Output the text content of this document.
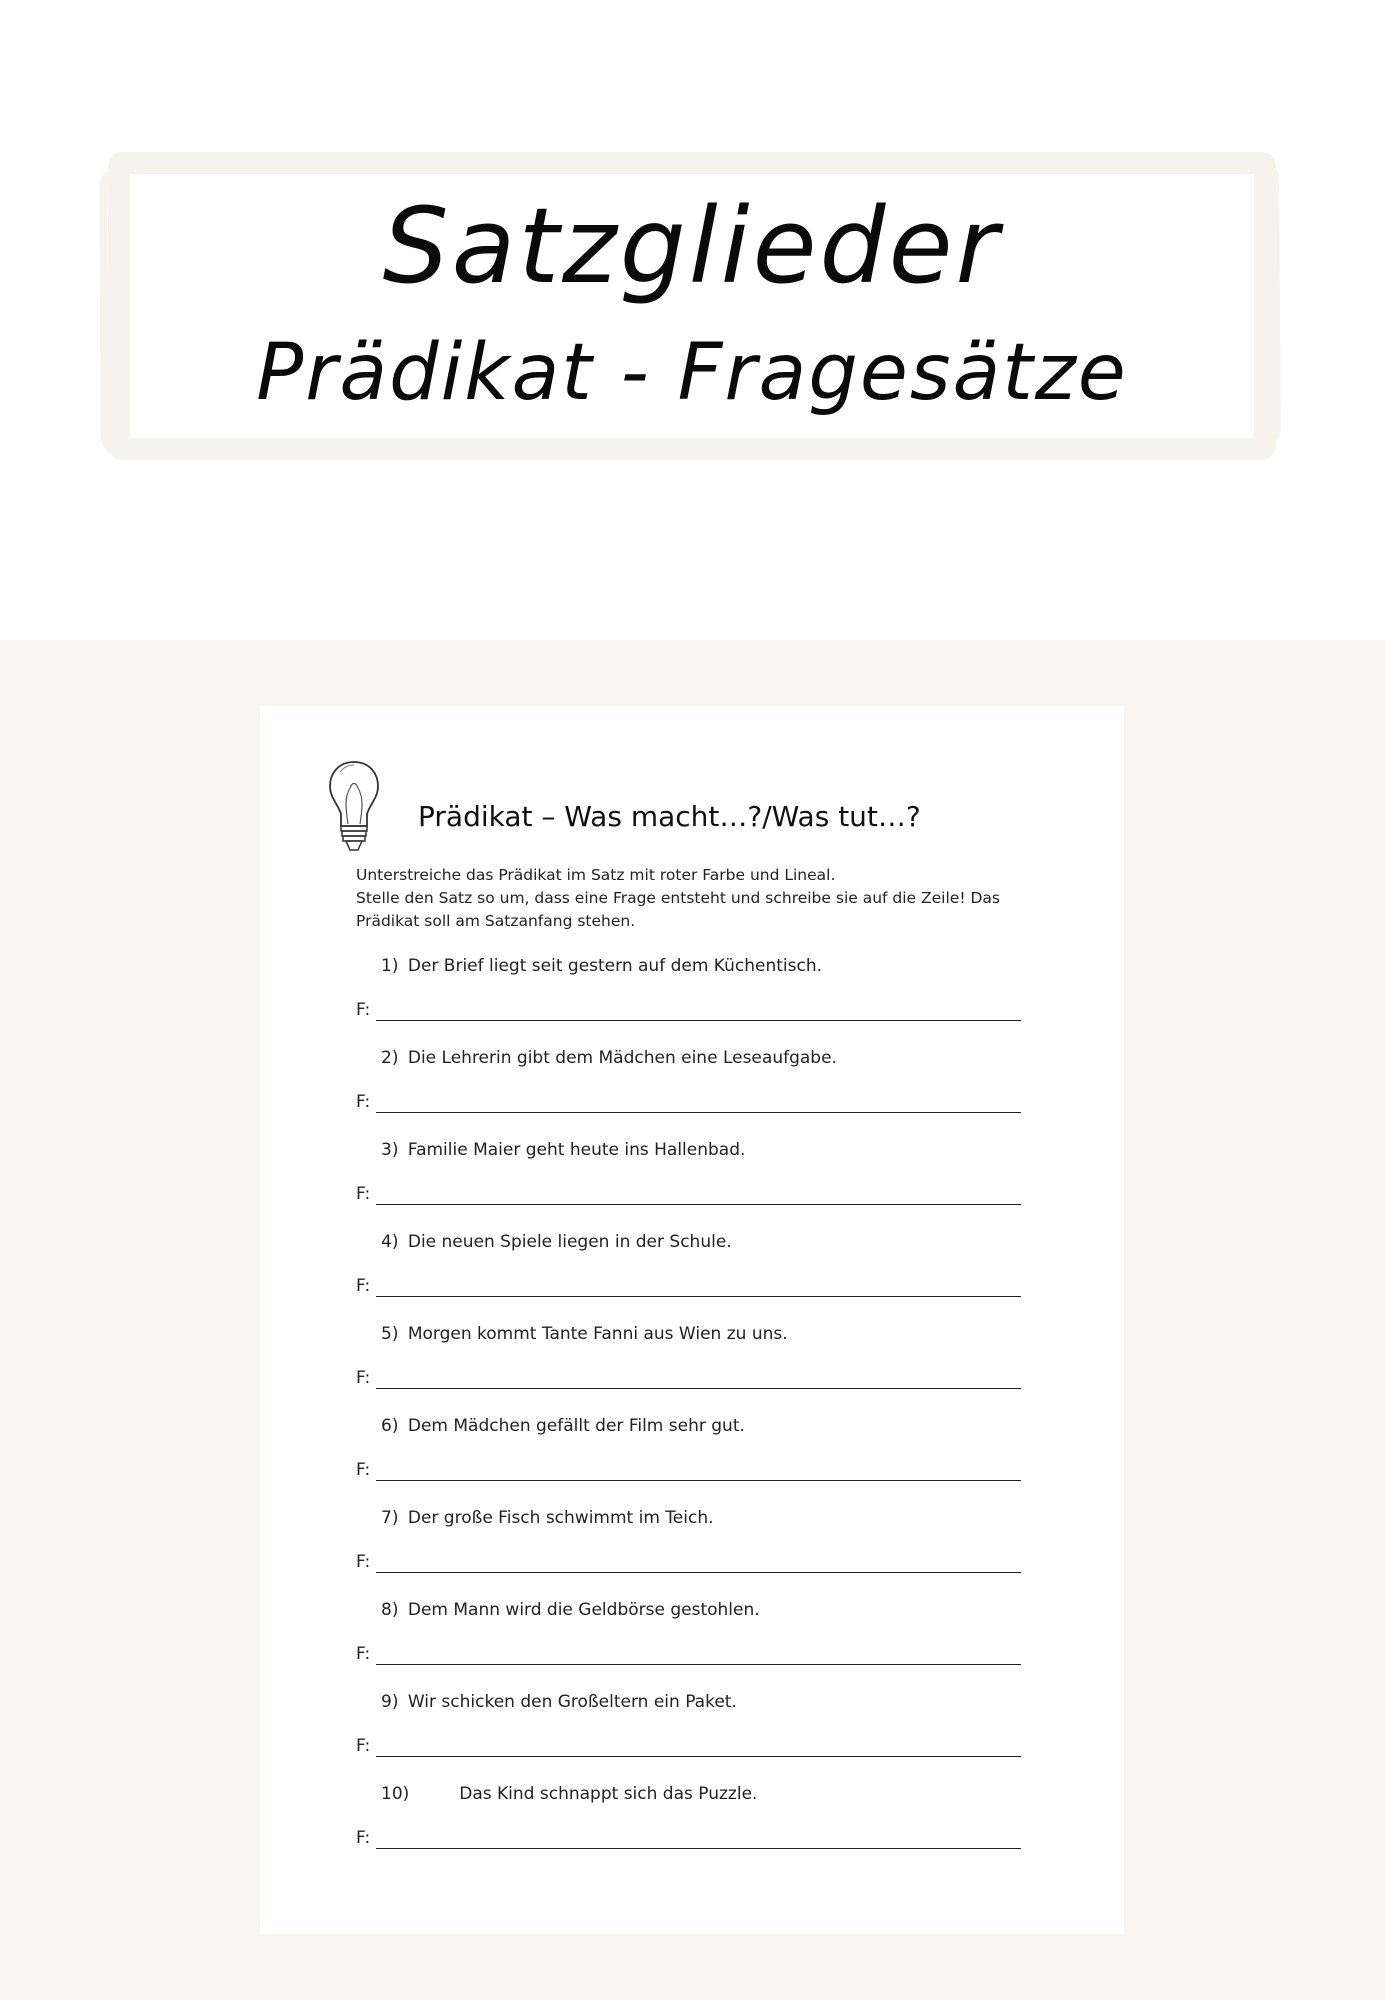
Satzglieder
Prädikat - Fragesätze
Prädikat – Was macht…?/Was tut…?
Unterstreiche das Prädikat im Satz mit roter Farbe und Lineal.
Stelle den Satz so um, dass eine Frage entsteht und schreibe sie auf die Zeile! Das
Prädikat soll am Satzanfang stehen.
1) Der Brief liegt seit gestern auf dem Küchentisch.
F:
2) Die Lehrerin gibt dem Mädchen eine Leseaufgabe.
F:
3) Familie Maier geht heute ins Hallenbad.
F:
4) Die neuen Spiele liegen in der Schule.
F:
5) Morgen kommt Tante Fanni aus Wien zu uns.
F:
6) Dem Mädchen gefällt der Film sehr gut.
F:
7) Der große Fisch schwimmt im Teich.
F:
8) Dem Mann wird die Geldbörse gestohlen.
F:
9) Wir schicken den Großeltern ein Paket.
F:
10)	Das Kind schnappt sich das Puzzle.
F:
